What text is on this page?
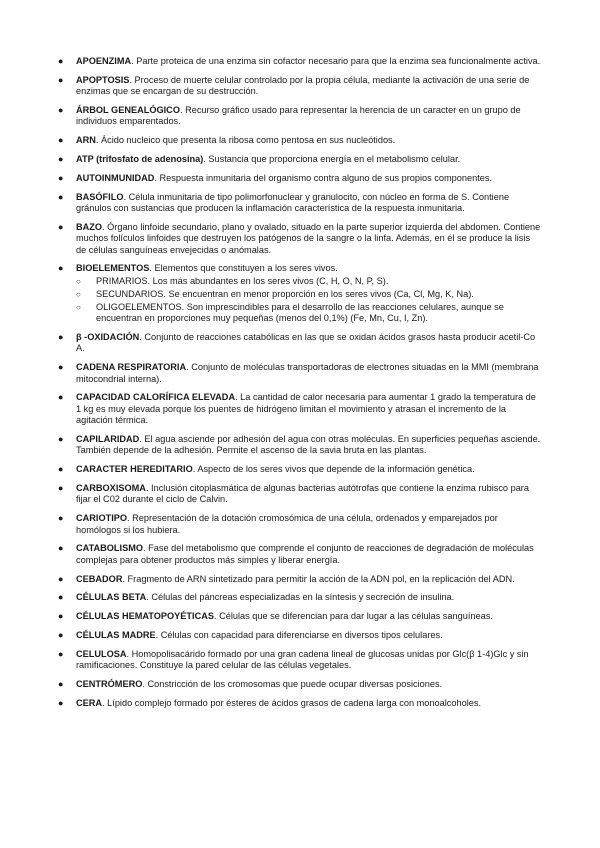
● APOENZIMA. Parte proteica de una enzima sin cofactor necesario para que la enzima sea funcionalmente activa.
● APOPTOSIS. Proceso de muerte celular controlado por la propia célula, mediante la activación de una serie de enzimas que se encargan de su destrucción.
● ÁRBOL GENEALÓGICO. Recurso gráfico usado para representar la herencia de un caracter en un grupo de individuos emparentados.
● ARN. Ácido nucleico que presenta la ribosa como pentosa en sus nucleótidos.
● ATP (trifosfato de adenosina). Sustancia que proporciona energía en el metabolismo celular.
● AUTOINMUNIDAD. Respuesta inmunitaria del organismo contra alguno de sus propios componentes.
● BASÓFILO. Célula inmunitaria de tipo polimorfonuclear y granulocito, con núcleo en forma de S. Contiene gránulos con sustancias que producen la inflamación característica de la respuesta inmunitaria.
● BAZO. Órgano linfoide secundario, plano y ovalado, situado en la parte superior izquierda del abdomen. Contiene muchos folículos linfoides que destruyen los patógenos de la sangre o la linfa. Además, en él se produce la lisis de células sanguíneas envejecidas o anómalas.
● BIOELEMENTOS. Elementos que constituyen a los seres vivos.
○ PRIMARIOS. Los más abundantes en los seres vivos (C, H, O, N, P, S).
○ SECUNDARIOS. Se encuentran en menor proporción en los seres vivos (Ca, Cl, Mg, K, Na).
○ OLIGOELEMENTOS. Son imprescindibles para el desarrollo de las reacciones celulares, aunque se encuentran en proporciones muy pequeñas (menos del 0,1%) (Fe, Mn, Cu, I, Zn).
● β -OXIDACIÓN. Conjunto de reacciones catabólicas en las que se oxidan ácidos grasos hasta producir acetil-Co A.
● CADENA RESPIRATORIA. Conjunto de moléculas transportadoras de electrones situadas en la MMI (membrana mitocondrial interna).
● CAPACIDAD CALORÍFICA ELEVADA. La cantidad de calor necesaria para aumentar 1 grado la temperatura de 1 kg es muy elevada porque los puentes de hidrógeno limitan el movimiento y atrasan el incremento de la agitación térmica.
● CAPILARIDAD. El agua asciende por adhesión del agua con otras moléculas. En superficies pequeñas asciende. También depende de la adhesión. Permite el ascenso de la savia bruta en las plantas.
● CARACTER HEREDITARIO. Aspecto de los seres vivos que depende de la información genética.
● CARBOXISOMA. Inclusión citoplasmática de algunas bacterias autótrofas que contiene la enzima rubisco para fijar el C02 durante el ciclo de Calvin.
● CARIOTIPO. Representación de la dotación cromosómica de una célula, ordenados y emparejados por homólogos si los hubiera.
● CATABOLISMO. Fase del metabolismo que comprende el conjunto de reacciones de degradación de moléculas complejas para obtener productos más simples y liberar energía.
● CEBADOR. Fragmento de ARN sintetizado para permitir la acción de la ADN pol, en la replicación del ADN.
● CÉLULAS BETA. Células del páncreas especializadas en la síntesis y secreción de insulina.
● CÉLULAS HEMATOPOYÉTICAS. Células que se diferencian para dar lugar a las células sanguíneas.
● CÉLULAS MADRE. Células con capacidad para diferenciarse en diversos tipos celulares.
● CELULOSA. Homopolisacárido formado por una gran cadena lineal de glucosas unidas por Glc(β 1-4)Glc y sin ramificaciones. Constituye la pared celular de las células vegetales.
● CENTRÓMERO. Constricción de los cromosomas que puede ocupar diversas posiciones.
● CERA. Lípido complejo formado por ésteres de ácidos grasos de cadena larga con monoalcoholes.
